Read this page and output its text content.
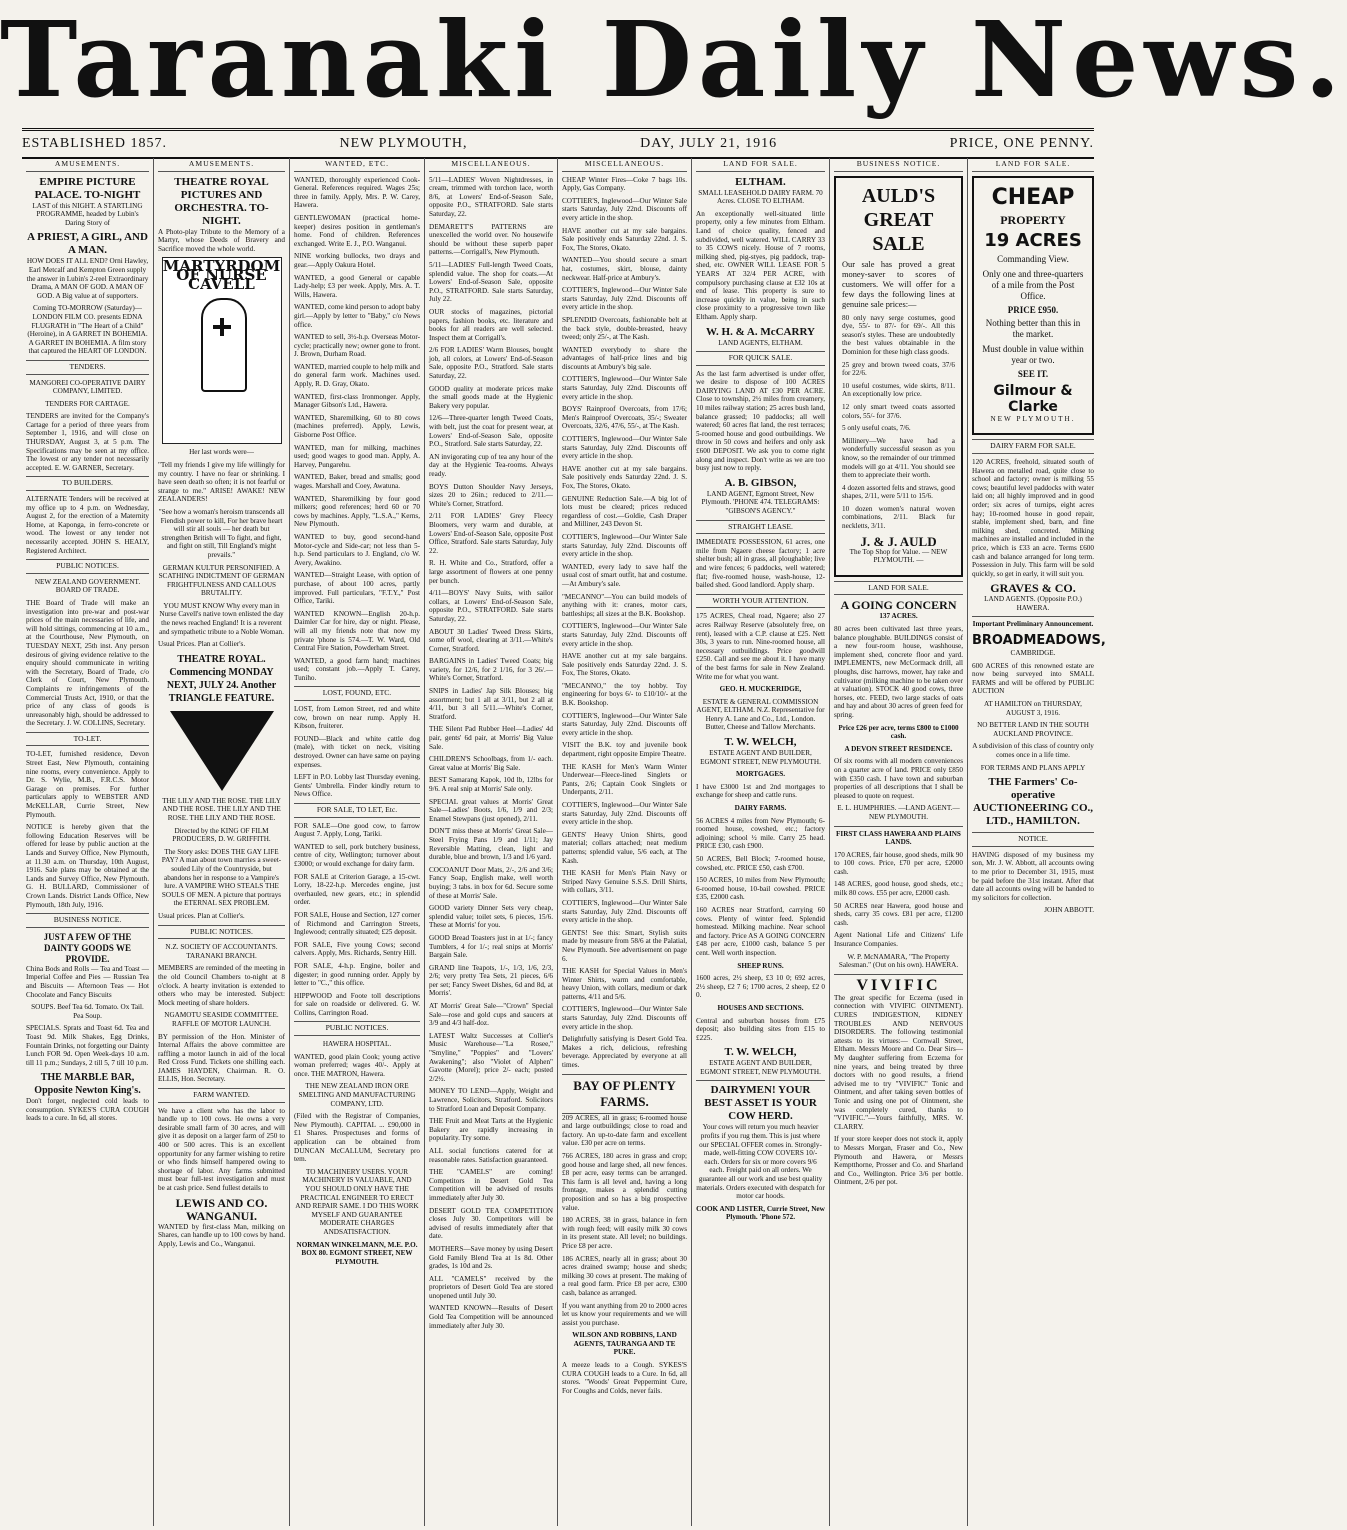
Taranaki Daily News.
ESTABLISHED 1857.	NEW PLYMOUTH,	DAY, JULY 21, 1916	PRICE, ONE PENNY.
AMUSEMENTS.
EMPIRE PICTURE PALACE. TO-NIGHT
LAST of this NIGHT. A STARTLING PROGRAMME, headed by Lubin's Daring Story of
A PRIEST, A GIRL, AND A MAN.
HOW DOES IT ALL END? Orni Hawley, Earl Metcalf and Kempton Green supply the answer in Lubin's 2-reel Extraordinary Drama, A MAN OF GOD. A MAN OF GOD. A Big value at of supporters.
Coming TO-MORROW (Saturday)—LONDON FILM CO. presents EDNA FLUGRATH in "The Heart of a Child" (Heroine), in A GARRET IN BOHEMIA. A GARRET IN BOHEMIA. A film story that captured the HEART OF LONDON.
TENDERS.
MANGOREI CO-OPERATIVE DAIRY COMPANY, LIMITED.
TENDERS FOR CARTAGE.
TENDERS are invited for the Company's Cartage for a period of three years from September 1, 1916, and will close on THURSDAY, August 3, at 5 p.m. The Specifications may be seen at my office. The lowest or any tender not necessarily accepted. E. W. GARNER, Secretary.
TO BUILDERS.
ALTERNATE Tenders will be received at my office up to 4 p.m. on Wednesday, August 2, for the erection of a Maternity Home, at Kaponga, in ferro-concrete or wood. The lowest or any tender not necessarily accepted. JOHN S. HEALY, Registered Architect.
PUBLIC NOTICES.
NEW ZEALAND GOVERNMENT. BOARD OF TRADE.
THE Board of Trade will make an investigation into pre-war and post-war prices of the main necessaries of life, and will hold sittings, commencing at 10 a.m., at the Courthouse, New Plymouth, on TUESDAY NEXT, 25th inst. Any person desirous of giving evidence relative to the enquiry should communicate in writing with the Secretary, Board of Trade, c/o Clerk of Court, New Plymouth. Complaints re infringements of the Commercial Trusts Act, 1910, or that the price of any class of goods is unreasonably high, should be addressed to the Secretary. J. W. COLLINS, Secretary.
TO-LET.
TO-LET, furnished residence, Devon Street East, New Plymouth, containing nine rooms, every convenience. Apply to Dr. S. Wylie, M.B., F.R.C.S. Motor Garage on premises. For further particulars apply to WEBSTER AND McKELLAR, Currie Street, New Plymouth.
NOTICE is hereby given that the following Education Reserves will be offered for lease by public auction at the Lands and Survey Office, New Plymouth, at 11.30 a.m. on Thursday, 10th August, 1916. Sale plans may be obtained at the Lands and Survey Office, New Plymouth. G. H. BULLARD, Commissioner of Crown Lands. District Lands Office, New Plymouth, 18th July, 1916.
BUSINESS NOTICE.
JUST A FEW OF THE DAINTY GOODS WE PROVIDE.
China Bods and Rolls — Tea and Toast — Imperial Coffee and Pies — Russian Tea and Biscuits — Afternoon Teas — Hot Chocolate and Fancy Biscuits
SOUPS. Beef Tea 6d. Tomato. Ox Tail. Pea Soup.
SPECIALS. Sprats and Toast 6d. Tea and Toast 9d. Milk Shakes, Egg Drinks, Fountain Drinks, not forgetting our Dainty Lunch FOR 9d. Open Week-days 10 a.m. till 11 p.m.; Sundays, 2 till 5, 7 till 10 p.m.
THE MARBLE BAR, Opposite Newton King's.
Don't forget, neglected cold leads to consumption. SYKES'S CURA COUGH leads to a cure. In 6d, all stores.
AMUSEMENTS.
THEATRE ROYAL PICTURES AND ORCHESTRA. TO-NIGHT.
A Photo-play Tribute to the Memory of a Martyr, whose Deeds of Bravery and Sacrifice moved the whole world.
MARTYRDOM OF NURSE CAVELL
Her last words were—
"Tell my friends I give my life willingly for my country. I have no fear or shrinking. I have seen death so often; it is not fearful or strange to me." ARISE! AWAKE! NEW ZEALANDERS!
"See how a woman's heroism transcends all Fiendish power to kill, For her brave heart will stir all souls — her death but strengthen British will To fight, and fight, and fight on still, Till England's might prevails."
GERMAN KULTUR PERSONIFIED. A SCATHING INDICTMENT OF GERMAN FRIGHTFULNESS AND CALLOUS BRUTALITY.
YOU MUST KNOW Why every man in Nurse Cavell's native town enlisted the day the news reached England! It is a reverent and sympathetic tribute to a Noble Woman.
Usual Prices. Plan at Collier's.
THEATRE ROYAL. Commencing MONDAY NEXT, JULY 24. Another TRIANGLE FEATURE.
THE LILY AND THE ROSE. THE LILY AND THE ROSE. THE LILY AND THE ROSE. THE LILY AND THE ROSE.
Directed by the KING OF FILM PRODUCERS, D. W. GRIFFITH.
The Story asks: DOES THE GAY LIFE PAY? A man about town marries a sweet-souled Lily of the Countryside, but abandons her in response to a Vampire's lure. A VAMPIRE WHO STEALS THE SOULS OF MEN. A picture that portrays the ETERNAL SEX PROBLEM.
Usual prices. Plan at Collier's.
PUBLIC NOTICES.
N.Z. SOCIETY OF ACCOUNTANTS. TARANAKI BRANCH.
MEMBERS are reminded of the meeting in the old Council Chambers to-night at 8 o'clock. A hearty invitation is extended to others who may be interested. Subject: Mock meeting of share holders.
NGAMOTU SEASIDE COMMITTEE. RAFFLE OF MOTOR LAUNCH.
BY permission of the Hon. Minister of Internal Affairs the above committee are raffling a motor launch in aid of the local Red Cross Fund. Tickets one shilling each. JAMES HAYDEN, Chairman. R. O. ELLIS, Hon. Secretary.
FARM WANTED.
We have a client who has the labor to handle up to 100 cows. He owns a very desirable small farm of 30 acres, and will give it as deposit on a larger farm of 250 to 400 or 500 acres. This is an excellent opportunity for any farmer wishing to retire or who finds himself hampered owing to shortage of labor. Any farms submitted must bear full-test investigation and must be at cash price. Send fullest details to
LEWIS AND CO. WANGANUI.
WANTED by first-class Man, milking on Shares, can handle up to 100 cows by hand. Apply, Lewis and Co., Wanganui.
WANTED, ETC.
WANTED, thoroughly experienced Cook-General. References required. Wages 25s; three in family. Apply, Mrs. P. W. Carey, Hawera.
GENTLEWOMAN (practical home-keeper) desires position in gentleman's home. Fond of children. References exchanged. Write E. J., P.O. Wanganui.
NINE working bullocks, two drays and gear.—Apply Oakura Hotel.
WANTED, a good General or capable Lady-help; £3 per week. Apply, Mrs. A. T. Wills, Hawera.
WANTED, come kind person to adopt baby girl.—Apply by letter to "Baby," c/o News office.
WANTED to sell, 3½-h.p. Overseas Motor-cycle; practically new; owner gone to front. J. Brown, Durham Road.
WANTED, married couple to help milk and do general farm work. Machines used. Apply, R. D. Gray, Okato.
WANTED, first-class Ironmonger. Apply, Manager Gibson's Ltd., Hawera.
WANTED, Sharemilking, 60 to 80 cows (machines preferred). Apply, Lewis, Gisborne Post Office.
WANTED, man for milking, machines used; good wages to good man. Apply, A. Harvey, Pungarehu.
WANTED, Baker, bread and smalls; good wages. Marshall and Coey, Awatuna.
WANTED, Sharemilking by four good milkers; good references; herd 60 or 70 cows by machines. Apply, "L.S.A.," Kerns, New Plymouth.
WANTED to buy, good second-hand Motor-cycle and Side-car; not less than 5-h.p. Send particulars to J. England, c/o W. Avery, Awakino.
WANTED—Straight Lease, with option of purchase, of about 100 acres, partly improved. Full particulars, "F.T.Y.," Post Office, Tariki.
WANTED KNOWN—English 20-h.p. Daimler Car for hire, day or night. Please, will all my friends note that now my private 'phone is 574.—T. W. Ward, Old Central Fire Station, Powderham Street.
WANTED, a good farm hand; machines used; constant job.—Apply T. Carey, Tuniho.
LOST, FOUND, ETC.
LOST, from Lemon Street, red and white cow, brown on near rump. Apply H. Kibson, fruiterer.
FOUND—Black and white cattle dog (male), with ticket on neck, visiting destroyed. Owner can have same on paying expenses.
LEFT in P.O. Lobby last Thursday evening, Gents' Umbrella. Finder kindly return to News Office.
FOR SALE, TO LET, Etc.
FOR SALE—One good cow, to farrow August 7. Apply, Long, Tariki.
WANTED to sell, pork butchery business, centre of city, Wellington; turnover about £3000; or would exchange for dairy farm.
FOR SALE at Criterion Garage, a 15-cwt. Lorry, 18-22-h.p. Mercedes engine, just overhauled, new gears, etc.; in splendid order.
FOR SALE, House and Section, 127 corner of Richmond and Carrington Streets, Inglewood; centrally situated; £25 deposit.
FOR SALE, Five young Cows; second calvers. Apply, Mrs. Richards, Sentry Hill.
FOR SALE, 4-h.p. Engine, boiler and digester; in good running order. Apply by letter to "C.," this office.
HIPPWOOD and Foote toll descriptions for sale on roadside or delivered. G. W. Collins, Carrington Road.
PUBLIC NOTICES.
HAWERA HOSPITAL.
WANTED, good plain Cook; young active woman preferred; wages 40/-. Apply at once. THE MATRON, Hawera.
THE NEW ZEALAND IRON ORE SMELTING AND MANUFACTURING COMPANY, LTD.
(Filed with the Registrar of Companies, New Plymouth). CAPITAL ... £90,000 in £1 Shares. Prospectuses and forms of application can be obtained from DUNCAN McCALLUM, Secretary pro tem.
TO MACHINERY USERS. YOUR MACHINERY IS VALUABLE, AND YOU SHOULD ONLY HAVE THE PRACTICAL ENGINEER TO ERECT AND REPAIR SAME. I DO THIS WORK MYSELF AND GUARANTEE MODERATE CHARGES ANDSATISFACTION.
NORMAN WINKELMANN, M.E. P.O. BOX 80. EGMONT STREET, NEW PLYMOUTH.
MISCELLANEOUS.
5/11—LADIES' Woven Nightdresses, in cream, trimmed with torchon lace, worth 8/6, at Lowers' End-of-Season Sale, opposite P.O., STRATFORD. Sale starts Saturday, 22.
DEMARETT'S PATTERNS are unexcelled the world over. No housewife should be without these superb paper patterns.—Corrigall's, New Plymouth.
5/11—LADIES' Full-length Tweed Coats, splendid value. The shop for coats.—At Lowers' End-of-Season Sale, opposite P.O., STRATFORD. Sale starts Saturday, July 22.
OUR stocks of magazines, pictorial papers, fashion books, etc. literature and books for all readers are well selected. Inspect them at Corrigall's.
2/6 FOR LADIES' Warm Blouses, bought job, all colors, at Lowers' End-of-Season Sale, opposite P.O., Stratford. Sale starts Saturday, 22.
GOOD quality at moderate prices make the small goods made at the Hygienic Bakery very popular.
12/6—Three-quarter length Tweed Coats, with belt, just the coat for present wear, at Lowers' End-of-Season Sale, opposite P.O., Stratford. Sale starts Saturday, 22.
AN invigorating cup of tea any hour of the day at the Hygienic Tea-rooms. Always ready.
BOYS Dutton Shoulder Navy Jerseys, sizes 20 to 26in.; reduced to 2/11.—White's Corner, Stratford.
2/11 FOR LADIES' Grey Fleecy Bloomers, very warm and durable, at Lowers' End-of-Season Sale, opposite Post Office, Stratford. Sale starts Saturday, July 22.
R. H. White and Co., Stratford, offer a large assortment of flowers at one penny per bunch.
4/11—BOYS' Navy Suits, with sailor collars, at Lowers' End-of-Season Sale, opposite P.O., STRATFORD. Sale starts Saturday, 22.
ABOUT 30 Ladies' Tweed Dress Skirts, some off wool, clearing at 3/11.—White's Corner, Stratford.
BARGAINS in Ladies' Tweed Coats; big variety, for 12/6, for 2 1/16, for 3 26/.—White's Corner, Stratford.
SNIPS in Ladies' Jap Silk Blouses; big assortment; but 1 all at 3/11, but 2 all at 4/11, but 3 all 5/11.—White's Corner, Stratford.
THE Silent Pad Rubber Heel—Ladies' 4d pair, gents' 6d pair, at Morris' Big Value Sale.
CHILDREN'S Schoolbags, from 1/- each. Great value at Morris' Big Sale.
BEST Samarang Kapok, 10d lb, 12lbs for 9/6. A real snip at Morris' Sale only.
SPECIAL great values at Morris' Great Sale—Ladies' Boots, 1/6, 1/9 and 2/3; Enamel Stewpans (just opened), 2/11.
DON'T miss these at Morris' Great Sale—Steel Frying Pans 1/9 and 1/11; Jay Reversible Matting, clean, light and durable, blue and brown, 1/3 and 1/6 yard.
COCOANUT Door Mats, 2/-, 2/6 and 3/6; Fancy Soap, English make, well worth buying; 3 tabs. in box for 6d. Secure some of these at Morris' Sale.
GOOD variety Dinner Sets very cheap, splendid value; toilet sets, 6 pieces, 15/6. These at Morris' for you.
GOOD Bread Toasters just in at 1/-; fancy Tumblers, 4 for 1/-; real snips at Morris' Bargain Sale.
GRAND line Teapots, 1/-, 1/3, 1/6, 2/3, 2/6; very pretty Tea Sets, 21 pieces, 6/6 per set; Fancy Sweet Dishes, 6d and 8d, at Morris'.
AT Morris' Great Sale—"Crown" Special Sale—rose and gold cups and saucers at 3/9 and 4/3 half-doz.
LATEST Waltz Successes at Collier's Music Warehouse—"La Rosee," "Smyline," "Poppies" and "Lovers' Awakening"; also "Violet of Alphen" Gavotte (Morel); price 2/- each; posted 2/2½.
MONEY TO LEND—Apply, Weight and Lawrence, Solicitors, Stratford. Solicitors to Stratford Loan and Deposit Company.
THE Fruit and Meat Tarts at the Hygienic Bakery are rapidly increasing in popularity. Try some.
ALL social functions catered for at reasonable rates. Satisfaction guaranteed.
THE "CAMELS" are coming! Competitors in Desert Gold Tea Competition will be advised of results immediately after July 30.
DESERT GOLD TEA COMPETITION closes July 30. Competitors will be advised of results immediately after that date.
MOTHERS—Save money by using Desert Gold Family Blend Tea at 1s 8d. Other grades, 1s 10d and 2s.
ALL "CAMELS" received by the proprietors of Desert Gold Tea are stored unopened until July 30.
WANTED KNOWN—Results of Desert Gold Tea Competition will be announced immediately after July 30.
MISCELLANEOUS.
CHEAP Winter Fires—Coke 7 bags 10s. Apply, Gas Company.
COTTIER'S, Inglewood—Our Winter Sale starts Saturday, July 22nd. Discounts off every article in the shop.
HAVE another cut at my sale bargains. Sale positively ends Saturday 22nd. J. S. Fox, The Stores, Okato.
WANTED—You should secure a smart hat, costumes, skirt, blouse, dainty neckwear. Half-price at Ambury's.
COTTIER'S, Inglewood—Our Winter Sale starts Saturday, July 22nd. Discounts off every article in the shop.
SPLENDID Overcoats, fashionable belt at the back style, double-breasted, heavy tweed; only 25/-, at The Kash.
WANTED everybody to share the advantages of half-price lines and big discounts at Ambury's big sale.
COTTIER'S, Inglewood—Our Winter Sale starts Saturday, July 22nd. Discounts off every article in the shop.
BOYS' Rainproof Overcoats, from 17/6; Men's Rainproof Overcoats, 35/-; Sweater Overcoats, 32/6, 47/6, 55/-, at The Kash.
COTTIER'S, Inglewood—Our Winter Sale starts Saturday, July 22nd. Discounts off every article in the shop.
HAVE another cut at my sale bargains. Sale positively ends Saturday 22nd. J. S. Fox, The Stores, Okato.
GENUINE Reduction Sale.—A big lot of lots must be cleared; prices reduced regardless of cost.—Goldie, Cash Draper and Milliner, 243 Devon St.
COTTIER'S, Inglewood—Our Winter Sale starts Saturday, July 22nd. Discounts off every article in the shop.
WANTED, every lady to save half the usual cost of smart outfit, hat and costume.—At Ambury's sale.
"MECANNO"—You can build models of anything with it: cranes, motor cars, battleships; all sizes at the B.K. Bookshop.
COTTIER'S, Inglewood—Our Winter Sale starts Saturday, July 22nd. Discounts off every article in the shop.
HAVE another cut at my sale bargains. Sale positively ends Saturday 22nd. J. S. Fox, The Stores, Okato.
"MECANNO," the toy hobby. Toy engineering for boys 6/- to £10/10/- at the B.K. Bookshop.
COTTIER'S, Inglewood—Our Winter Sale starts Saturday, July 22nd. Discounts off every article in the shop.
VISIT the B.K. toy and juvenile book department, right opposite Empire Theatre.
THE KASH for Men's Warm Winter Underwear—Fleece-lined Singlets or Pants, 2/6; Captain Cook Singlets or Underpants, 2/11.
COTTIER'S, Inglewood—Our Winter Sale starts Saturday, July 22nd. Discounts off every article in the shop.
GENTS' Heavy Union Shirts, good material; collars attached; neat medium patterns; splendid value, 5/6 each, at The Kash.
THE KASH for Men's Plain Navy or Striped Navy Genuine S.S.S. Drill Shirts, with collars, 3/11.
COTTIER'S, Inglewood—Our Winter Sale starts Saturday, July 22nd. Discounts off every article in the shop.
GENTS! See this: Smart, Stylish suits made by measure from 58/6 at the Palatial, New Plymouth. See advertisement on page 6.
THE KASH for Special Values in Men's Winter Shirts, warm and comfortable, heavy Union, with collars, medium or dark patterns, 4/11 and 5/6.
COTTIER'S, Inglewood—Our Winter Sale starts Saturday, July 22nd. Discounts off every article in the shop.
Delightfully satisfying is Desert Gold Tea. Makes a rich, delicious, refreshing beverage. Appreciated by everyone at all times.
BAY OF PLENTY FARMS.
209 ACRES, all in grass; 6-roomed house and large outbuildings; close to road and factory. An up-to-date farm and excellent value. £30 per acre on terms.
766 ACRES, 180 acres in grass and crop; good house and large shed, all new fences. £8 per acre, easy terms can be arranged. This farm is all level and, having a long frontage, makes a splendid cutting proposition and so has a big prospective value.
180 ACRES, 38 in grass, balance in fern with rough feed; will easily milk 30 cows in its present state. All level; no buildings. Price £8 per acre.
186 ACRES, nearly all in grass; about 30 acres drained swamp; house and sheds; milking 30 cows at present. The making of a real good farm. Price £8 per acre, £300 cash, balance as arranged.
If you want anything from 20 to 2000 acres let us know your requirements and we will assist you purchase.
WILSON AND ROBBINS, LAND AGENTS, TAURANGA AND TE PUKE.
A meeze leads to a Cough. SYKES'S CURA COUGH leads to a Cure. In 6d, all stores. "Woods' Great Peppermint Cure, For Coughs and Colds, never fails.
LAND FOR SALE.
ELTHAM.
SMALL LEASEHOLD DAIRY FARM. 70 Acres. CLOSE TO ELTHAM.
An exceptionally well-situated little property, only a few minutes from Eltham. Land of choice quality, fenced and subdivided, well watered. WILL CARRY 33 to 35 COWS nicely. House of 7 rooms, milking shed, pig-styes, pig paddock, trap-shed, etc. OWNER WILL LEASE FOR 5 YEARS AT 32/4 PER ACRE, with compulsory purchasing clause at £32 10s at end of lease. This property is sure to increase quickly in value, being in such close proximity to a progressive town like Eltham. Apply sharp.
W. H. & A. McCARRY
LAND AGENTS, ELTHAM.
FOR QUICK SALE.
As the last farm advertised is under offer, we desire to dispose of 100 ACRES DAIRYING LAND AT £30 PER ACRE. Close to township, 2½ miles from creamery, 10 miles railway station; 25 acres bush land, balance grassed; 10 paddocks; all well watered; 60 acres flat land, the rest terraces; 5-roomed house and good outbuildings. We throw in 50 cows and heifers and only ask £600 DEPOSIT. We ask you to come right along and inspect. Don't write as we are too busy just now to reply.
A. B. GIBSON,
LAND AGENT, Egmont Street, New Plymouth. 'PHONE 474. TELEGRAMS: "GIBSON'S AGENCY."
STRAIGHT LEASE.
IMMEDIATE POSSESSION, 61 acres, one mile from Ngaere cheese factory; 1 acre shelter bush; all in grass, all ploughable; live and wire fences; 6 paddocks, well watered; flat; five-roomed house, wash-house, 12-bailed shed. Good landlord. Apply sharp.
WORTH YOUR ATTENTION.
175 ACRES, Cheal road, Ngaere; also 27 acres Railway Reserve (absolutely free, on rent), leased with a C.P. clause at £25. Nett 30s, 3 years to run. Nine-roomed house, all necessary outbuildings. Price goodwill £250. Call and see me about it. I have many of the best farms for sale in New Zealand. Write me for what you want.
GEO. H. MUCKERIDGE,
ESTATE & GENERAL COMMISSION AGENT, ELTHAM. N.Z. Representative for Henry A. Lane and Co., Ltd., London. Butter, Cheese and Tallow Merchants.
T. W. WELCH,
ESTATE AGENT AND BUILDER, EGMONT STREET, NEW PLYMOUTH.
MORTGAGES.
I have £3000 1st and 2nd mortgages to exchange for sheep and cattle runs.
DAIRY FARMS.
56 ACRES 4 miles from New Plymouth; 6-roomed house, cowshed, etc.; factory adjoining; school ½ mile. Carry 25 head. PRICE £30, cash £900.
50 ACRES, Bell Block; 7-roomed house, cowshed, etc. PRICE £50, cash £700.
150 ACRES, 10 miles from New Plymouth; 6-roomed house, 10-bail cowshed. PRICE £35, £2000 cash.
160 ACRES near Stratford, carrying 60 cows. Plenty of winter feed. Splendid homestead. Milking machine. Near school and factory. Price AS A GOING CONCERN £48 per acre, £1000 cash, balance 5 per cent. Well worth inspection.
SHEEP RUNS.
1600 acres, 2½ sheep, £3 10 0; 692 acres, 2½ sheep, £2 7 6; 1700 acres, 2 sheep, £2 0 0.
HOUSES AND SECTIONS.
Central and suburban houses from £75 deposit; also building sites from £15 to £225.
T. W. WELCH,
ESTATE AGENT AND BUILDER, EGMONT STREET, NEW PLYMOUTH.
DAIRYMEN! YOUR BEST ASSET IS YOUR COW HERD.
Your cows will return you much heavier profits if you rug them. This is just where our SPECIAL OFFER comes in. Strongly-made, well-fitting COW COVERS 10/- each. Orders for six or more covers 9/6 each. Freight paid on all orders. We guarantee all our work and use best quality materials. Orders executed with despatch for motor car hoods.
COOK AND LISTER, Currie Street, New Plymouth. 'Phone 572.
BUSINESS NOTICE.
AULD'S GREAT SALE
Our sale has proved a great money-saver to scores of customers. We will offer for a few days the following lines at genuine sale prices:—
80 only navy serge costumes, good dye, 55/- to 87/- for 69/-. All this season's styles. These are undoubtedly the best values obtainable in the Dominion for these high class goods.
25 grey and brown tweed coats, 37/6 for 22/6.
10 useful costumes, wide skirts, 8/11. An exceptionally low price.
12 only smart tweed coats assorted colors, 55/- for 37/6.
5 only useful coats, 7/6.
Millinery—We have had a wonderfully successful season as you know, so the remainder of our trimmed models will go at 4/11. You should see them to appreciate their worth.
4 dozen assorted felts and straws, good shapes, 2/11, were 5/11 to 15/6.
10 dozen women's natural woven combinations, 2/11. Black fur neckletts, 3/11.
J. & J. AULD
The Top Shop for Value. — NEW PLYMOUTH. —
LAND FOR SALE.
A GOING CONCERN
137 ACRES.
80 acres been cultivated last three years, balance ploughable. BUILDINGS consist of a new four-room house, washhouse, implement shed, concrete floor and yard. IMPLEMENTS, new McCormack drill, all ploughs, disc harrows, mower, hay rake and cultivator (milking machine to be taken over at valuation). STOCK 40 good cows, three horses, etc. FEED, two large stacks of oats and hay and about 30 acres of green feed for spring.
Price £26 per acre, terms £800 to £1000 cash.
A DEVON STREET RESIDENCE.
Of six rooms with all modern conveniences on a quarter acre of land. PRICE only £850 with £350 cash. I have town and suburban properties of all descriptions that I shall be pleased to quote on request.
E. L. HUMPHRIES. —LAND AGENT.— NEW PLYMOUTH.
FIRST CLASS HAWERA AND PLAINS LANDS.
170 ACRES, fair house, good sheds, milk 90 to 100 cows. Price, £70 per acre, £2000 cash.
148 ACRES, good house, good sheds, etc.; milk 80 cows. £55 per acre, £2000 cash.
50 ACRES near Hawera, good house and sheds, carry 35 cows. £81 per acre, £1200 cash.
Agent National Life and Citizens' Life Insurance Companies.
W. P. McNAMARA, "The Property Salesman." (Out on his own). HAWERA.
VIVIFIC
The great specific for Eczema (used in connection with VIVIFIC OINTMENT). CURES INDIGESTION, KIDNEY TROUBLES AND NERVOUS DISORDERS. The following testimonial attests to its virtues:— Cornwall Street, Eltham. Messrs Moore and Co. Dear Sirs—My daughter suffering from Eczema for nine years, and being treated by three doctors with no good results, a friend advised me to try "VIVIFIC" Tonic and Ointment, and after taking seven bottles of Tonic and using one pot of Ointment, she was completely cured, thanks to "VIVIFIC."—Yours faithfully, MRS. W. CLARRY.
If your store keeper does not stock it, apply to Messrs Morgan, Fraser and Co., New Plymouth and Hawera, or Messrs Kemptthorne, Prosser and Co. and Sharland and Co., Wellington. Price 3/6 per bottle. Ointment, 2/6 per pot.
LAND FOR SALE.
CHEAP
PROPERTY
19 ACRES
Commanding View.
Only one and three-quarters of a mile from the Post Office.
PRICE £950.
Nothing better than this in the market.
Must double in value within year or two.
SEE IT.
Gilmour & Clarke
NEW PLYMOUTH.
DAIRY FARM FOR SALE.
120 ACRES, freehold, situated south of Hawera on metalled road, quite close to school and factory; owner is milking 55 cows; beautiful level paddocks with water laid on; all highly improved and in good order; six acres of turnips, eight acres hay; 10-roomed house in good repair, stable, implement shed, barn, and fine milking shed, concreted. Milking machines are installed and included in the price, which is £33 an acre. Terms £600 cash and balance arranged for long term. Possession in July. This farm will be sold quickly, so get in early, it will suit you.
GRAVES & CO.
LAND AGENTS. (Opposite P.O.) HAWERA.
Important Preliminary Announcement.
BROADMEADOWS,
CAMBRIDGE.
600 ACRES of this renowned estate are now being surveyed into SMALL FARMS and will be offered by PUBLIC AUCTION
AT HAMILTON on THURSDAY, AUGUST 3, 1916.
NO BETTER LAND IN THE SOUTH AUCKLAND PROVINCE.
A subdivision of this class of country only comes once in a life time.
FOR TERMS AND PLANS APPLY
THE Farmers' Co-operative AUCTIONEERING CO., LTD., HAMILTON.
NOTICE.
HAVING disposed of my business my son, Mr. J. W. Abbott, all accounts owing to me prior to December 31, 1915, must be paid before the 31st instant. After that date all accounts owing will be handed to my solicitors for collection.
JOHN ABBOTT.
